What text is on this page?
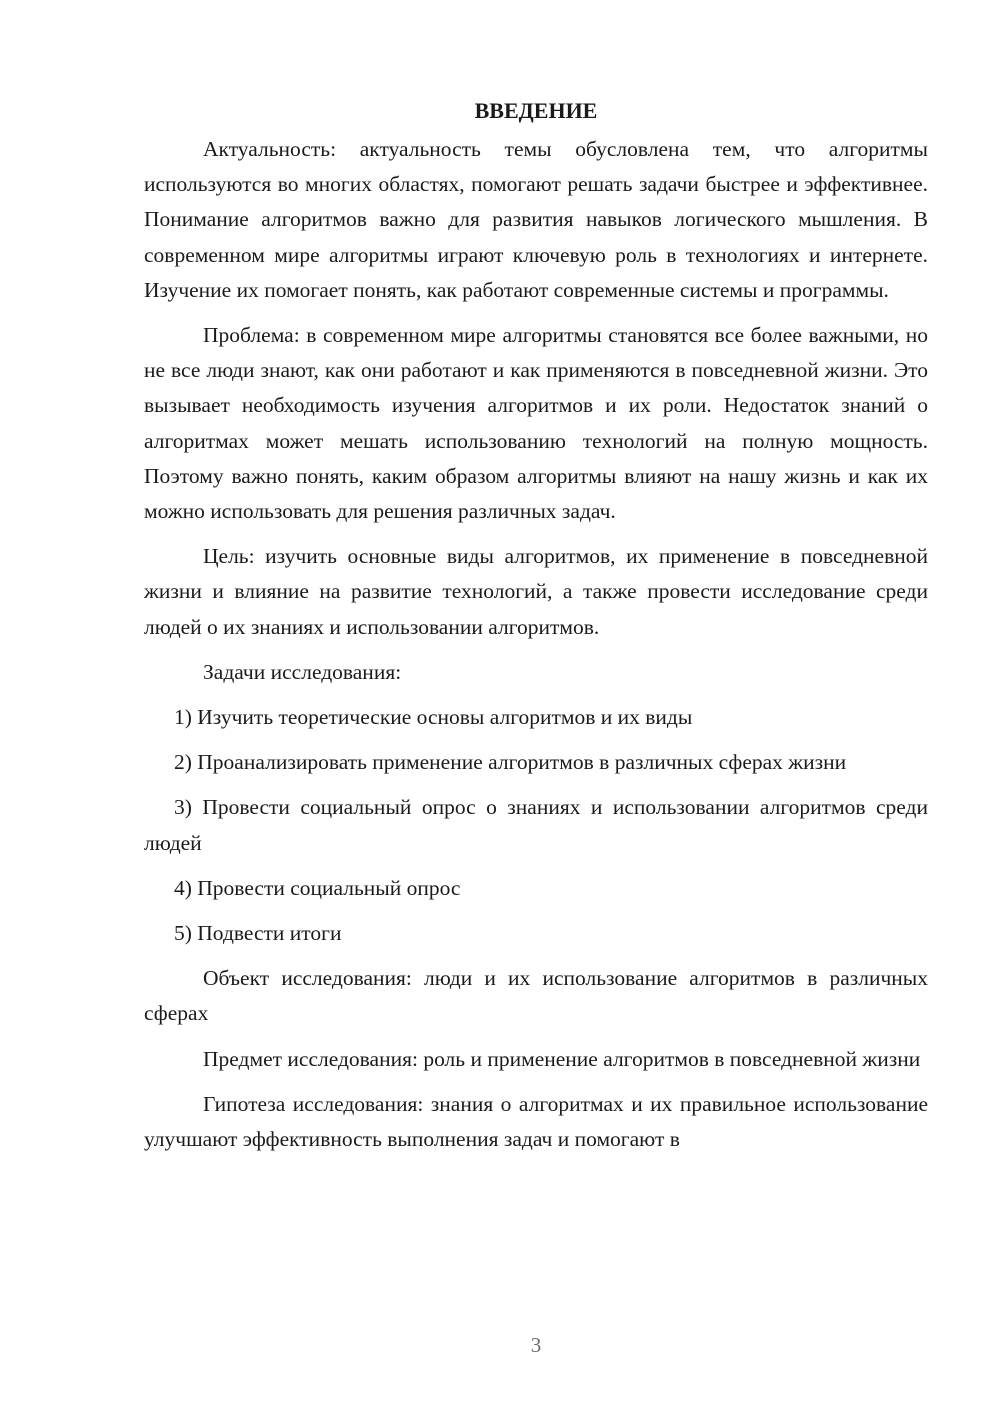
ВВЕДЕНИЕ

Актуальность: актуальность темы обусловлена тем, что алгоритмы используются во многих областях, помогают решать задачи быстрее и эффективнее. Понимание алгоритмов важно для развития навыков логического мышления. В современном мире алгоритмы играют ключевую роль в технологиях и интернете. Изучение их помогает понять, как работают современные системы и программы.

Проблема: в современном мире алгоритмы становятся все более важными, но не все люди знают, как они работают и как применяются в повседневной жизни. Это вызывает необходимость изучения алгоритмов и их роли. Недостаток знаний о алгоритмах может мешать использованию технологий на полную мощность. Поэтому важно понять, каким образом алгоритмы влияют на нашу жизнь и как их можно использовать для решения различных задач.

Цель: изучить основные виды алгоритмов, их применение в повседневной жизни и влияние на развитие технологий, а также провести исследование среди людей о их знаниях и использовании алгоритмов.

Задачи исследования:

1) Изучить теоретические основы алгоритмов и их виды

2) Проанализировать применение алгоритмов в различных сферах жизни

3) Провести социальный опрос о знаниях и использовании алгоритмов среди людей

4) Провести социальный опрос

5) Подвести итоги

Объект исследования: люди и их использование алгоритмов в различных сферах

Предмет исследования: роль и применение алгоритмов в повседневной жизни

Гипотеза исследования: знания о алгоритмах и их правильное использование улучшают эффективность выполнения задач и помогают в

3
